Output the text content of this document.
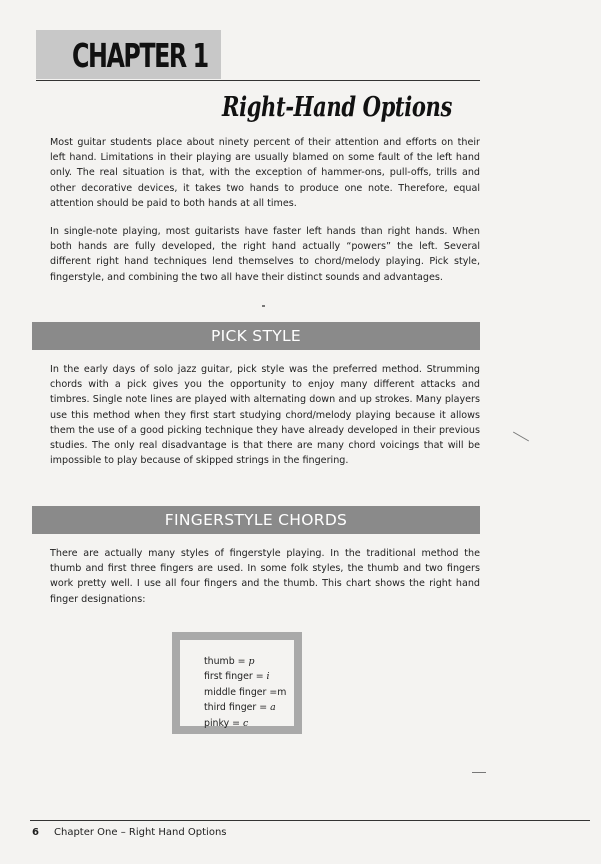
CHAPTER 1
Right-Hand Options

Most guitar students place about ninety percent of their attention and efforts on their left hand. Limitations in their playing are usually blamed on some fault of the left hand only. The real situation is that, with the exception of hammer-ons, pull-offs, trills and other decorative devices, it takes two hands to produce one note. Therefore, equal attention should be paid to both hands at all times.

In single-note playing, most guitarists have faster left hands than right hands. When both hands are fully developed, the right hand actually “powers” the left. Several different right hand techniques lend themselves to chord/melody playing. Pick style, fingerstyle, and combining the two all have their distinct sounds and advantages.

PICK STYLE

In the early days of solo jazz guitar, pick style was the preferred method. Strumming chords with a pick gives you the opportunity to enjoy many different attacks and timbres. Single note lines are played with alternating down and up strokes. Many players use this method when they first start studying chord/melody playing because it allows them the use of a good picking technique they have already developed in their previous studies. The only real disadvantage is that there are many chord voicings that will be impossible to play because of skipped strings in the fingering.

FINGERSTYLE CHORDS

There are actually many styles of fingerstyle playing. In the traditional method the thumb and first three fingers are used. In some folk styles, the thumb and two fingers work pretty well. I use all four fingers and the thumb. This chart shows the right hand finger designations:

thumb = p
first finger = i
middle finger =m
third finger = a
pinky = c
6 Chapter One – Right Hand Options
